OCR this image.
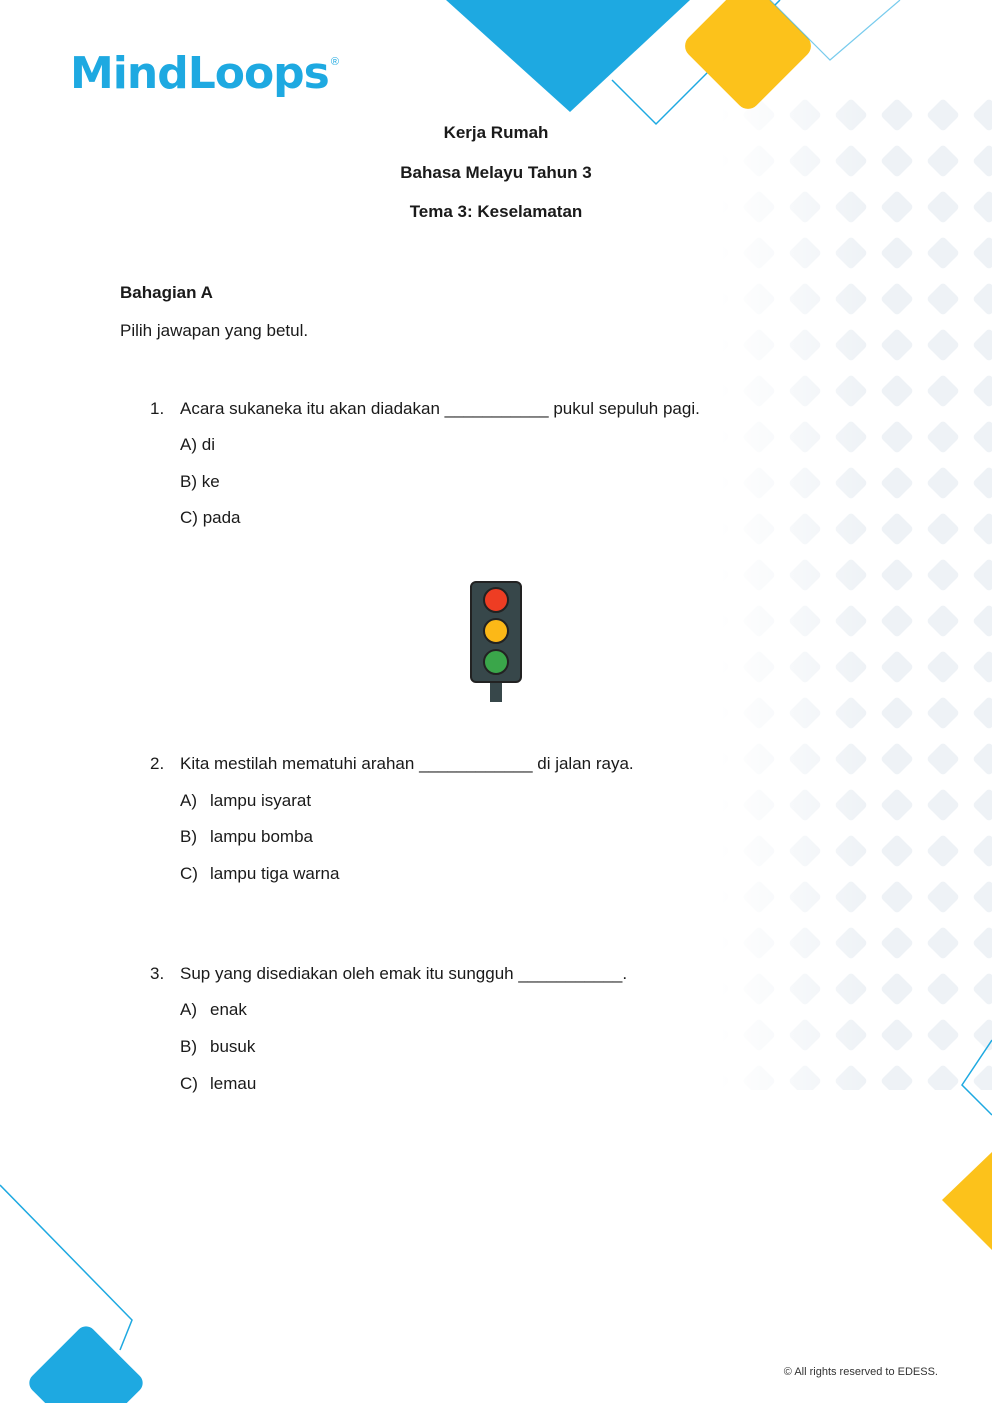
MindLoops ®
Kerja Rumah
Bahasa Melayu Tahun 3
Tema 3: Keselamatan
Bahagian A
Pilih jawapan yang betul.
1. Acara sukaneka itu akan diadakan ___________ pukul sepuluh pagi.
A) di
B) ke
C) pada
2. Kita mestilah mematuhi arahan ____________ di jalan raya.
A) lampu isyarat
B) lampu bomba
C) lampu tiga warna
3. Sup yang disediakan oleh emak itu sungguh ___________.
A) enak
B) busuk
C) lemau
© All rights reserved to EDESS.
